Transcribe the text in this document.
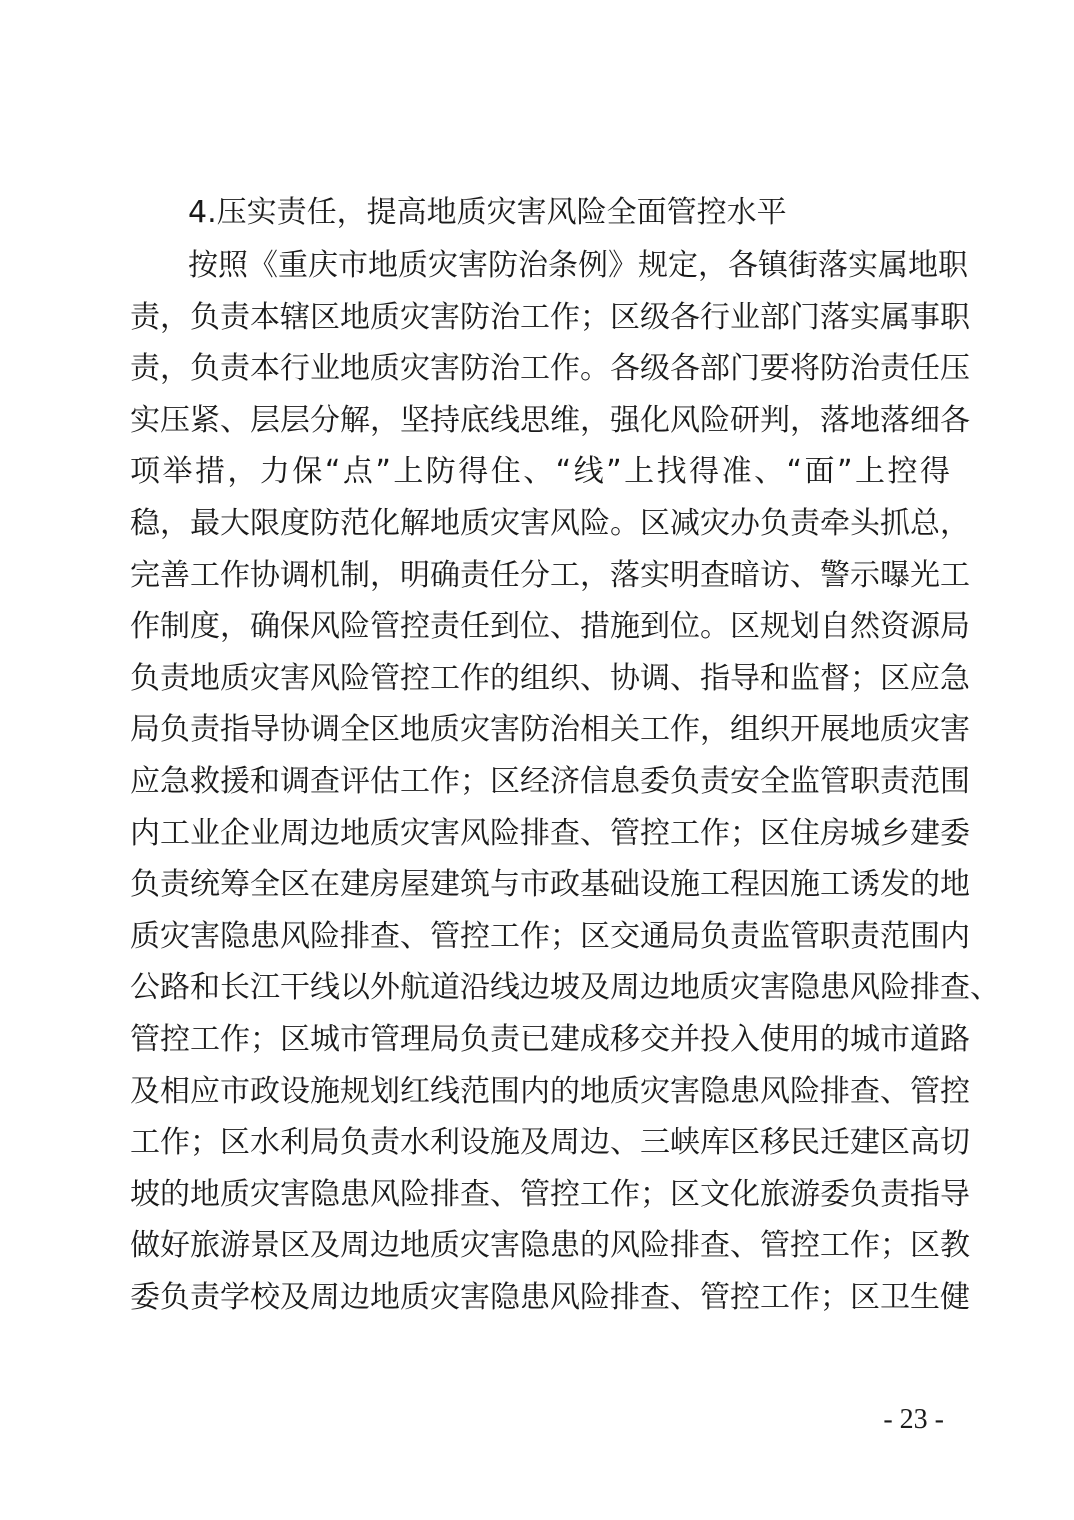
4.压实责任，提高地质灾害风险全面管控水平
按照《重庆市地质灾害防治条例》规定，各镇街落实属地职
责，负责本辖区地质灾害防治工作；区级各行业部门落实属事职
责，负责本行业地质灾害防治工作。各级各部门要将防治责任压
实压紧、层层分解，坚持底线思维，强化风险研判，落地落细各
项举措，力保“点”上防得住、“线”上找得准、“面”上控得
稳，最大限度防范化解地质灾害风险。区减灾办负责牵头抓总，
完善工作协调机制，明确责任分工，落实明查暗访、警示曝光工
作制度，确保风险管控责任到位、措施到位。区规划自然资源局
负责地质灾害风险管控工作的组织、协调、指导和监督；区应急
局负责指导协调全区地质灾害防治相关工作，组织开展地质灾害
应急救援和调查评估工作；区经济信息委负责安全监管职责范围
内工业企业周边地质灾害风险排查、管控工作；区住房城乡建委
负责统筹全区在建房屋建筑与市政基础设施工程因施工诱发的地
质灾害隐患风险排查、管控工作；区交通局负责监管职责范围内
公路和长江干线以外航道沿线边坡及周边地质灾害隐患风险排查、
管控工作；区城市管理局负责已建成移交并投入使用的城市道路
及相应市政设施规划红线范围内的地质灾害隐患风险排查、管控
工作；区水利局负责水利设施及周边、三峡库区移民迁建区高切
坡的地质灾害隐患风险排查、管控工作；区文化旅游委负责指导
做好旅游景区及周边地质灾害隐患的风险排查、管控工作；区教
委负责学校及周边地质灾害隐患风险排查、管控工作；区卫生健
- 23 -
